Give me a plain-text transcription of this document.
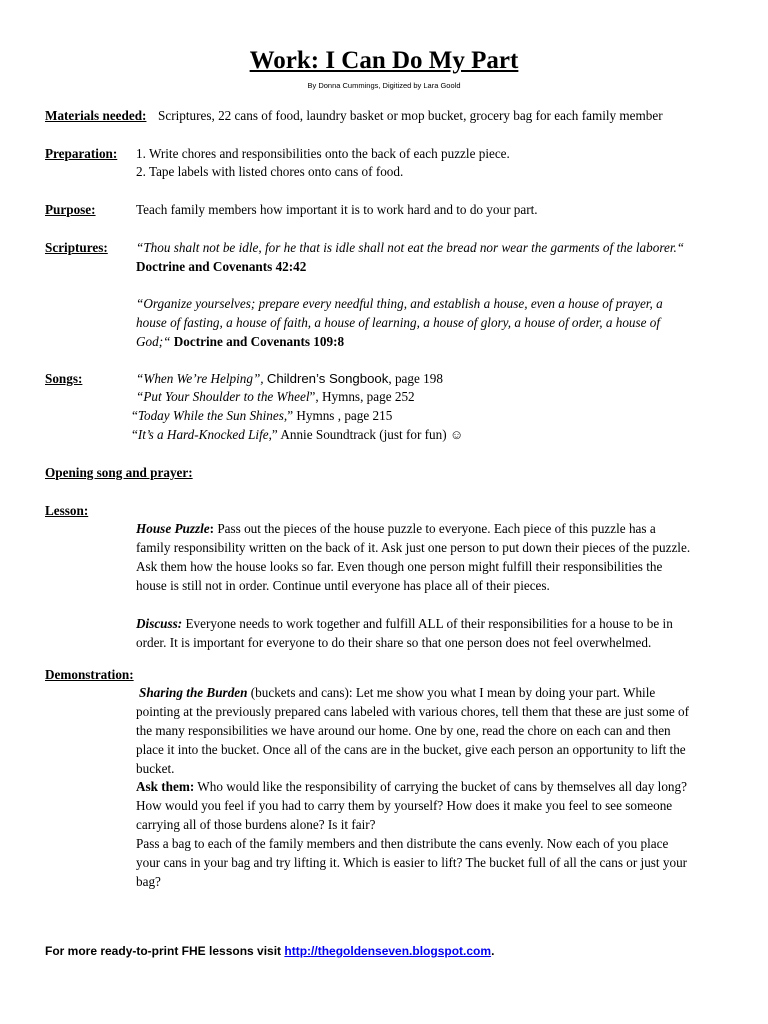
Work: I Can Do My Part
By Donna Cummings, Digitized by Lara Goold
Materials needed: Scriptures, 22 cans of food, laundry basket or mop bucket, grocery bag for each family member
Preparation: 1. Write chores and responsibilities onto the back of each puzzle piece.
2. Tape labels with listed chores onto cans of food.
Purpose:	Teach family members how important it is to work hard and to do your part.
Scriptures: “Thou shalt not be idle, for he that is idle shall not eat the bread nor wear the garments of the laborer.“
Doctrine and Covenants 42:42
“Organize yourselves; prepare every needful thing, and establish a house, even a house of prayer, a
house of fasting, a house of faith, a house of learning, a house of glory, a house of order, a house of
God;“ Doctrine and Covenants 109:8
Songs:	“When We’re Helping”, Children’s Songbook, page 198
“Put Your Shoulder to the Wheel”, Hymns, page 252
“Today While the Sun Shines,” Hymns , page 215
“It’s a Hard-Knocked Life,” Annie Soundtrack (just for fun) ☺
Opening song and prayer:
Lesson:
House Puzzle: Pass out the pieces of the house puzzle to everyone. Each piece of this puzzle has a
family responsibility written on the back of it. Ask just one person to put down their pieces of the puzzle.
Ask them how the house looks so far. Even though one person might fulfill their responsibilities the
house is still not in order. Continue until everyone has place all of their pieces.
Discuss: Everyone needs to work together and fulfill ALL of their responsibilities for a house to be in
order. It is important for everyone to do their share so that one person does not feel overwhelmed.
Demonstration:
Sharing the Burden (buckets and cans): Let me show you what I mean by doing your part. While
pointing at the previously prepared cans labeled with various chores, tell them that these are just some of
the many responsibilities we have around our home. One by one, read the chore on each can and then
place it into the bucket. Once all of the cans are in the bucket, give each person an opportunity to lift the
bucket.
Ask them: Who would like the responsibility of carrying the bucket of cans by themselves all day long?
How would you feel if you had to carry them by yourself? How does it make you feel to see someone
carrying all of those burdens alone? Is it fair?
Pass a bag to each of the family members and then distribute the cans evenly. Now each of you place
your cans in your bag and try lifting it. Which is easier to lift? The bucket full of all the cans or just your
bag?
For more ready-to-print FHE lessons visit http://thegoldenseven.blogspot.com.
